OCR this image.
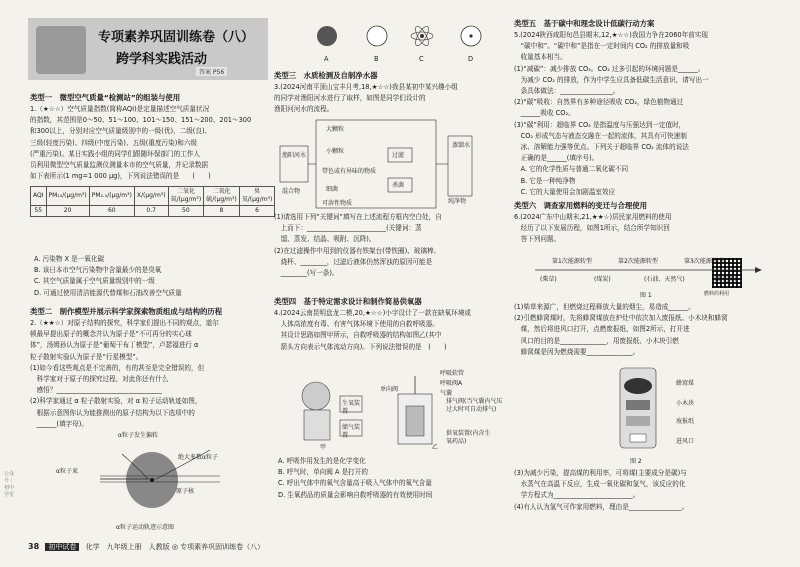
专项素养巩固训练卷（八）
跨学科实践活动
答案 P56
A	B	C	D
类型一　微型空气质量“检测站”的组装与使用
1.（★☆☆）空气质量指数(简称AQI)是定量描述空气质量状况
的指数，其范围是0～50、51～100、101～150、151～200、201～300
和300以上，分别对应空气质量级别中的一级(优)、二级(良)、
三级(轻度污染)、四级(中度污染)、五级(重度污染)和六级
(严重污染)。某日实践小组的同学们跟随环保部门的工作人
员利用微型空气质量监测仪测量本市的空气质量，并记录数据
如下表所示(1 mg=1 000 μg)，下列说法错误的是　　(　　)
AQI	PM₁₀/(μg/m³)	PM₂.₅/(μg/m³)	X/(μg/m³)	二氧化氮/(μg/m³)	二氧化硫/(μg/m³)	臭氧/(μg/m³)
55	20	60	0.7	50	8	6
A. 污染物 X 是一氧化碳
B. 该日本市空气污染物中含量最少的是臭氧
C. 其空气质量属于空气质量级别中的一级
D. 可通过使用清洁能源代替煤和石油改善空气质量
类型二　制作模型并展示科学家探索物质组成与结构的历程
2.（★★☆）对原子结构的探究，科学家们提出不同的观点，道尔
顿最早提出原子的概念并认为原子是“不可再分的实心球
体”，汤姆孙认为原子是“葡萄干布丁模型”，卢瑟福进行 α
粒子散射实验认为原子是“行星模型”。
(1)如今看这些观点是不完善的，有的甚至是完全错误的，但
　科学家对于原子的探究过程，对此你还有什么
　感悟？________________________________
(2)科学家通过 α 粒子散射实验，对 α 粒子运动轨迹如图，
　根据示意图你认为能推测出的原子结构为以下选项中的
　______(填字母)。
α粒子发生偏转
绝大多数α粒子
α粒子束
原子核
α粒子运动轨迹示意图
类型三　水质检测及自制净水器
3.(2024河南平顶山宝丰月考,18,★☆☆)我县某初中某兴趣小组
的同学对渔阳河水进行了取样，如图是同学们设计的
渔阳河河水的流程。
渔阳河水
混合物
大颗粒
小颗粒
带色或有异味的物质
细菌
可溶性物质
蒸馏水
纯净物
过滤
杀菌
(1)请选用下列“关键词”填写在上述流程方框内空白处，自
　上而下：________________________(关键词：蒸
　馏、蒸发、结晶、吸附、沉降)。
(2)在过滤操作中用到的仪器有铁架台(带铁圈)、玻璃棒、
　烧杯、________，过滤后液体仍然浑浊的原因可能是
　________(写一条)。
类型四　基于特定需求设计和制作简易供氧器
4.(2024云南昆明盘龙二模,20,★☆☆)小宇设计了一款在缺氧环境或
　人体高浓度有毒、有害气体环境下使用的自救呼吸器。
　其设计思路如图甲所示，自救呼吸器的结构如图乙(其中
　箭头方向表示气体流动方向)。下列说法错误的是　(　　)
呼吸软管
呼吸阀A
气囊
排气阀(当气囊内气压过大时可自动排气)
单向阀
供氧装置(内含生氧药品)
生氧装置
储气装置
甲	乙
A. 呼吸作用发生的是化学变化
B. 呼气时，单向阀 A 是打开的
C. 呼出气体中的氧气含量高于吸入气体中的氧气含量
D. 生氧药品的质量会影响自救呼吸器的有效使用时间
类型五　基于碳中和理念设计低碳行动方案
5.(2024陕西咸阳旬邑县期末,12,★☆☆)我国力争在2060年前实现
　“碳中和”。“碳中和”是指在一定时间内 CO₂ 的排放量和吸
　收量基本相当。
(1)“减碳”：减少排放 CO₂。CO₂ 过多引起的环境问题是______。
　为减少 CO₂ 的排放，作为中学生应具备低碳生活意识，请写出一
　条具体做法：________________。
(2)“碳”吸收：自然界有多种途径吸收 CO₂，绿色植物通过
　______吸收 CO₂。
(3)“碳”利用：超临界 CO₂ 是指温度与压强达到一定值时，
　CO₂ 形成气态与液态交融在一起的流体，其具有可快速制
　冰、溶解能力强等优点。下列关于超临界 CO₂ 流体的说法
　正确的是______(填序号)。
　A. 它的化学性质与普通二氧化碳不同
　B. 它是一种纯净物
　C. 它的大量使用会加剧温室效应
类型六　调查家用燃料的变迁与合理使用
6.(2024广东中山期末,21,★★☆)居民家用燃料的使用
　经历了以下发展历程，如图1所示，结合所学知识回
　答下列问题。
燃料的利用
第1次能源转型	第2次能源转型	第3次能源转型
(柴草)	(煤炭)	(石油、天然气)	(新能源)
图 1
(1)柴草来源广，但燃烧过程释放大量的烟尘，易造成______。
(2)引燃蜂窝煤时，先将蜂窝煤放在炉灶中依次加入废报纸、小木块和蜂窝
　煤，然后将进风口打开，点燃废报纸，如图2所示，打开进
　风口的目的是______________，用废报纸、小木块引燃
　蜂窝煤是因为燃烧需要______________。
蜂窝煤
小木块
废报纸
进风口
图 2
(3)为减少污染，提高煤的利用率，可将煤(主要成分是碳)与
　水蒸气在高温下反应，生成一氧化碳和氢气，该反应的化
　学方程式为________________________。
(4)有人认为氢气可作家用燃料，理由是________________。
38 初中试卷 化学　九年级上册　人教版 ◎ 专项素养巩固训练卷（八）
公众号｜初中学堂
